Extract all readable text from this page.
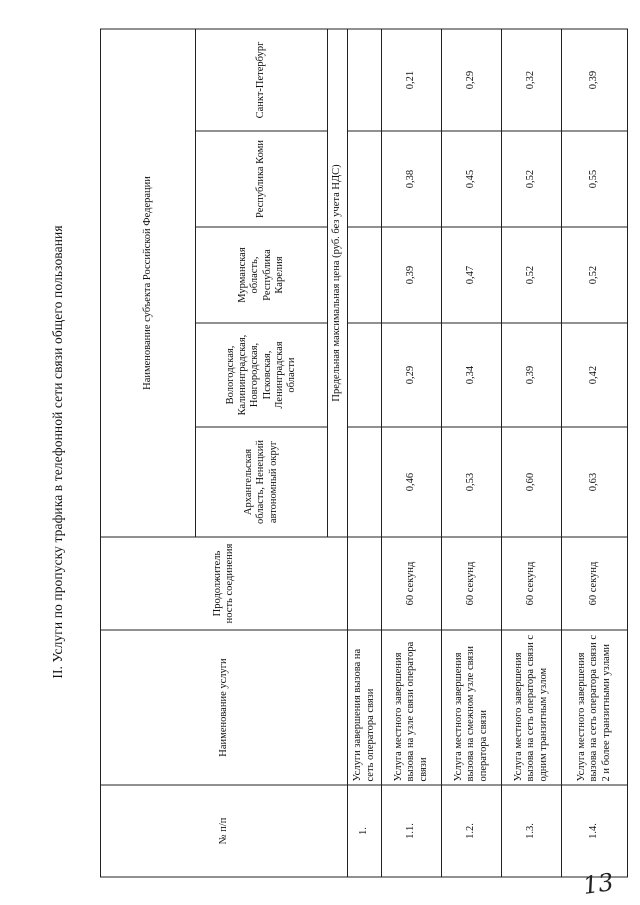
II. Услуги по пропуску трафика в телефонной сети связи общего пользования
№ п/п	Наименование услуги	Продолжитель ность соединения	Наименование субъекта Российской Федерации				
			Архангельская область, Ненецкий автономный округ	Вологодская, Калининградская, Новгородская, Псковская, Ленинградская области	Мурманская область, Республика Карелия	Республика Коми	Санкт-Петербург
			Предельная максимальная цена (руб. без учета НДС)				
1.	Услуги завершения вызова на сеть оператора связи						
1.1.	Услуга местного завершения вызова на узле связи оператора связи	60 секунд	0,46	0,29	0,39	0,38	0,21
1.2.	Услуга местного завершения вызова на смежном узле связи оператора связи	60 секунд	0,53	0,34	0,47	0,45	0,29
1.3.	Услуга местного завершения вызова на сеть оператора связи с одним транзитным узлом	60 секунд	0,60	0,39	0,52	0,52	0,32
1.4.	Услуга местного завершения вызова на сеть оператора связи с 2 и более транзитными узлами	60 секунд	0,63	0,42	0,52	0,55	0,39
13
